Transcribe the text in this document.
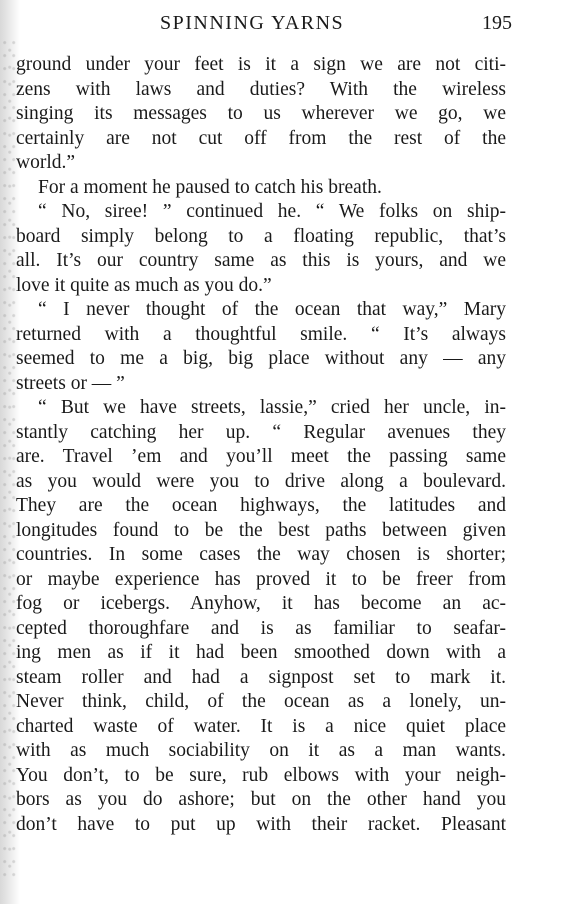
SPINNING YARNS	195
ground under your feet is it a sign we are not citi-
zens with laws and duties? With the wireless
singing its messages to us wherever we go, we
certainly are not cut off from the rest of the
world.”
For a moment he paused to catch his breath.
“ No, siree! ” continued he. “ We folks on ship-
board simply belong to a floating republic, that’s
all. It’s our country same as this is yours, and we
love it quite as much as you do.”
“ I never thought of the ocean that way,” Mary
returned with a thoughtful smile. “ It’s always
seemed to me a big, big place without any — any
streets or — ”
“ But we have streets, lassie,” cried her uncle, in-
stantly catching her up. “ Regular avenues they
are. Travel ’em and you’ll meet the passing same
as you would were you to drive along a boulevard.
They are the ocean highways, the latitudes and
longitudes found to be the best paths between given
countries. In some cases the way chosen is shorter;
or maybe experience has proved it to be freer from
fog or icebergs. Anyhow, it has become an ac-
cepted thoroughfare and is as familiar to seafar-
ing men as if it had been smoothed down with a
steam roller and had a signpost set to mark it.
Never think, child, of the ocean as a lonely, un-
charted waste of water. It is a nice quiet place
with as much sociability on it as a man wants.
You don’t, to be sure, rub elbows with your neigh-
bors as you do ashore; but on the other hand you
don’t have to put up with their racket. Pleasant
